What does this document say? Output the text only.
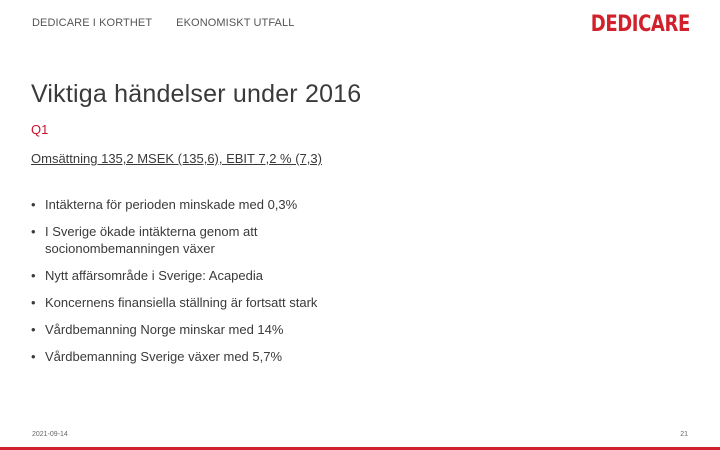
DEDICARE I KORTHET EKONOMISKT UTFALL	DEDICARE
Viktiga händelser under 2016
Q1
Omsättning 135,2 MSEK (135,6), EBIT 7,2 % (7,3)
• Intäkterna för perioden minskade med 0,3%
• I Sverige ökade intäkterna genom att socionombemanningen växer
• Nytt affärsområde i Sverige: Acapedia
• Koncernens finansiella ställning är fortsatt stark
• Vårdbemanning Norge minskar med 14%
• Vårdbemanning Sverige växer med 5,7%
2021-09-14	21
